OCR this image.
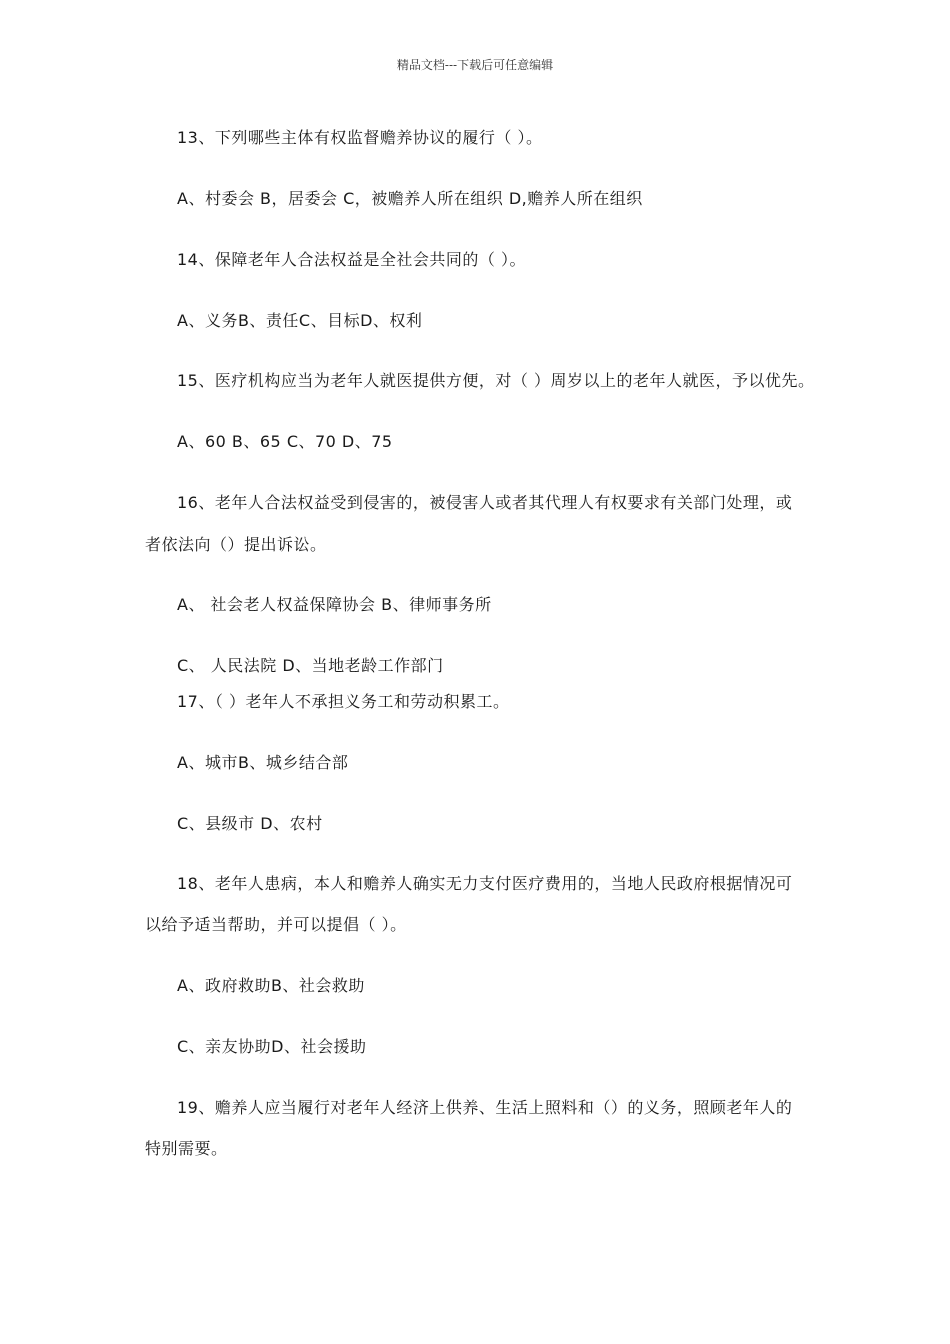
精品文档---下载后可任意编辑
13、下列哪些主体有权监督赡养协议的履行（ ）。
A、村委会 B，居委会 C，被赡养人所在组织 D,赡养人所在组织
14、保障老年人合法权益是全社会共同的（ ）。
A、义务B、责任C、目标D、权利
15、医疗机构应当为老年人就医提供方便，对（ ）周岁以上的老年人就医，予以优先。
A、60 B、65 C、70 D、75
16、老年人合法权益受到侵害的，被侵害人或者其代理人有权要求有关部门处理，或
者依法向（）提出诉讼。
A、 社会老人权益保障协会 B、律师事务所
C、 人民法院 D、当地老龄工作部门
17、（ ）老年人不承担义务工和劳动积累工。
A、城市B、城乡结合部
C、县级市 D、农村
18、老年人患病，本人和赡养人确实无力支付医疗费用的，当地人民政府根据情况可
以给予适当帮助，并可以提倡（ ）。
A、政府救助B、社会救助
C、亲友协助D、社会援助
19、赡养人应当履行对老年人经济上供养、生活上照料和（）的义务，照顾老年人的
特别需要。
